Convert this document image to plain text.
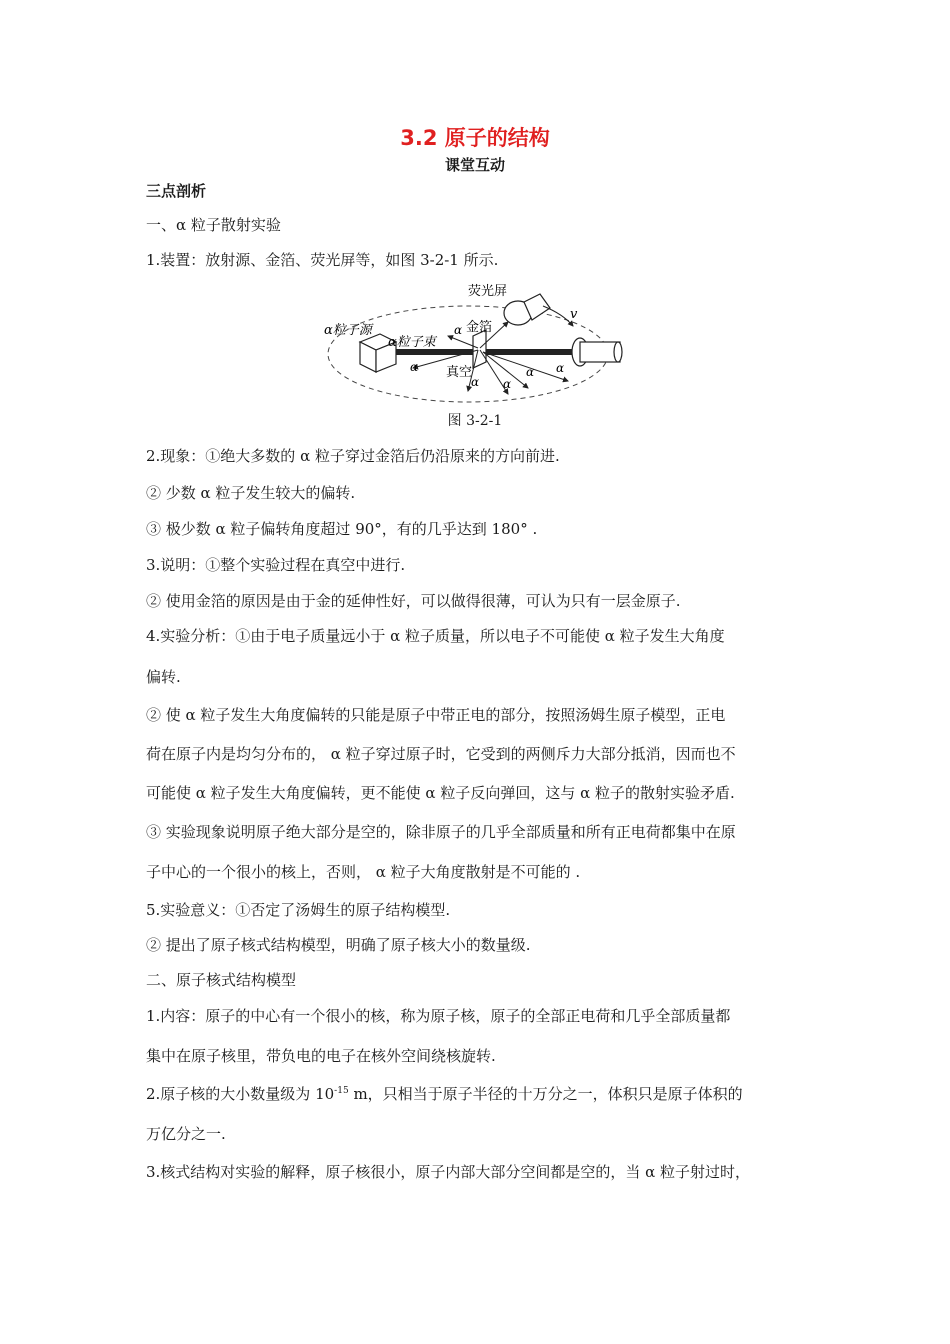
3.2 原子的结构
课堂互动
三点剖析
一、α 粒子散射实验
1.装置：放射源、金箔、荧光屏等，如图 3-2-1 所示.
荧光屏
α粒子源	金箔
α粒子束
真空
v
α
α
α α
α α
图 3-2-1
2.现象：①绝大多数的 α 粒子穿过金箔后仍沿原来的方向前进.
② 少数 α 粒子发生较大的偏转.
③ 极少数 α 粒子偏转角度超过 90°，有的几乎达到 180° .
3.说明：①整个实验过程在真空中进行.
② 使用金箔的原因是由于金的延伸性好，可以做得很薄，可认为只有一层金原子.
4.实验分析：①由于电子质量远小于 α 粒子质量，所以电子不可能使 α 粒子发生大角度
偏转.
② 使 α 粒子发生大角度偏转的只能是原子中带正电的部分，按照汤姆生原子模型，正电
荷在原子内是均匀分布的， α 粒子穿过原子时，它受到的两侧斥力大部分抵消，因而也不
可能使 α 粒子发生大角度偏转，更不能使 α 粒子反向弹回，这与 α 粒子的散射实验矛盾.
③ 实验现象说明原子绝大部分是空的，除非原子的几乎全部质量和所有正电荷都集中在原
子中心的一个很小的核上，否则， α 粒子大角度散射是不可能的 .
5.实验意义：①否定了汤姆生的原子结构模型.
② 提出了原子核式结构模型，明确了原子核大小的数量级.
二、原子核式结构模型
1.内容：原子的中心有一个很小的核，称为原子核，原子的全部正电荷和几乎全部质量都
集中在原子核里，带负电的电子在核外空间绕核旋转.
2.原子核的大小数量级为 $10^{-15}$ m，只相当于原子半径的十万分之一，体积只是原子体积的
万亿分之一.
3.核式结构对实验的解释，原子核很小，原子内部大部分空间都是空的，当 α 粒子射过时，
